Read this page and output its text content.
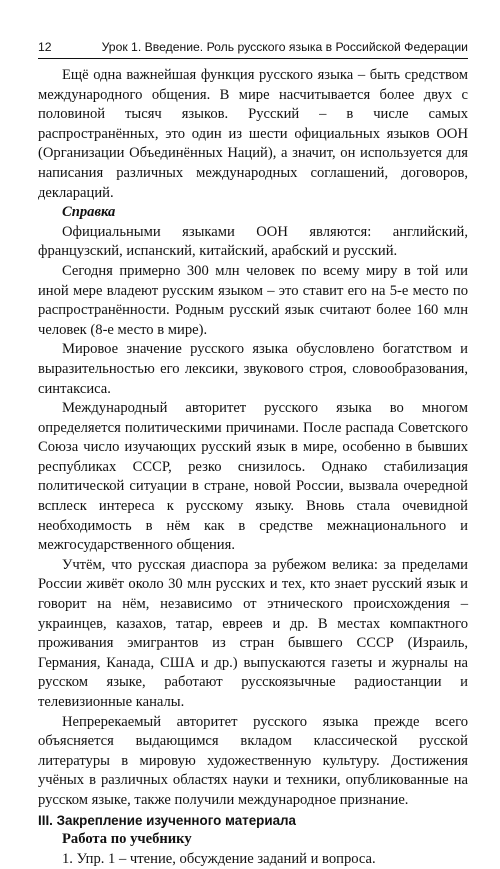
12	Урок 1. Введение. Роль русского языка в Российской Федерации

Ещё одна важнейшая функция русского языка – быть средством международного общения. В мире насчитывается более двух с половиной тысяч языков. Русский – в числе самых распространённых, это один из шести официальных языков ООН (Организации Объединённых Наций), а значит, он используется для написания различных международных соглашений, договоров, деклараций.

Справка

Официальными языками ООН являются: английский, французский, испанский, китайский, арабский и русский.

Сегодня примерно 300 млн человек по всему миру в той или иной мере владеют русским языком – это ставит его на 5-е место по распространённости. Родным русский язык считают более 160 млн человек (8-е место в мире).

Мировое значение русского языка обусловлено богатством и выразительностью его лексики, звукового строя, словообразования, синтаксиса.

Международный авторитет русского языка во многом определяется политическими причинами. После распада Советского Союза число изучающих русский язык в мире, особенно в бывших республиках СССР, резко снизилось. Однако стабилизация политической ситуации в стране, новой России, вызвала очередной всплеск интереса к русскому языку. Вновь стала очевидной необходимость в нём как в средстве межнационального и межгосударственного общения.

Учтём, что русская диаспора за рубежом велика: за пределами России живёт около 30 млн русских и тех, кто знает русский язык и говорит на нём, независимо от этнического происхождения – украинцев, казахов, татар, евреев и др. В местах компактного проживания эмигрантов из стран бывшего СССР (Израиль, Германия, Канада, США и др.) выпускаются газеты и журналы на русском языке, работают русскоязычные радиостанции и телевизионные каналы.

Непререкаемый авторитет русского языка прежде всего объясняется выдающимся вкладом классической русской литературы в мировую художественную культуру. Достижения учёных в различных областях науки и техники, опубликованные на русском языке, также получили международное признание.

III. Закрепление изученного материала
Работа по учебнику

1. Упр. 1 – чтение, обсуждение заданий и вопроса.
